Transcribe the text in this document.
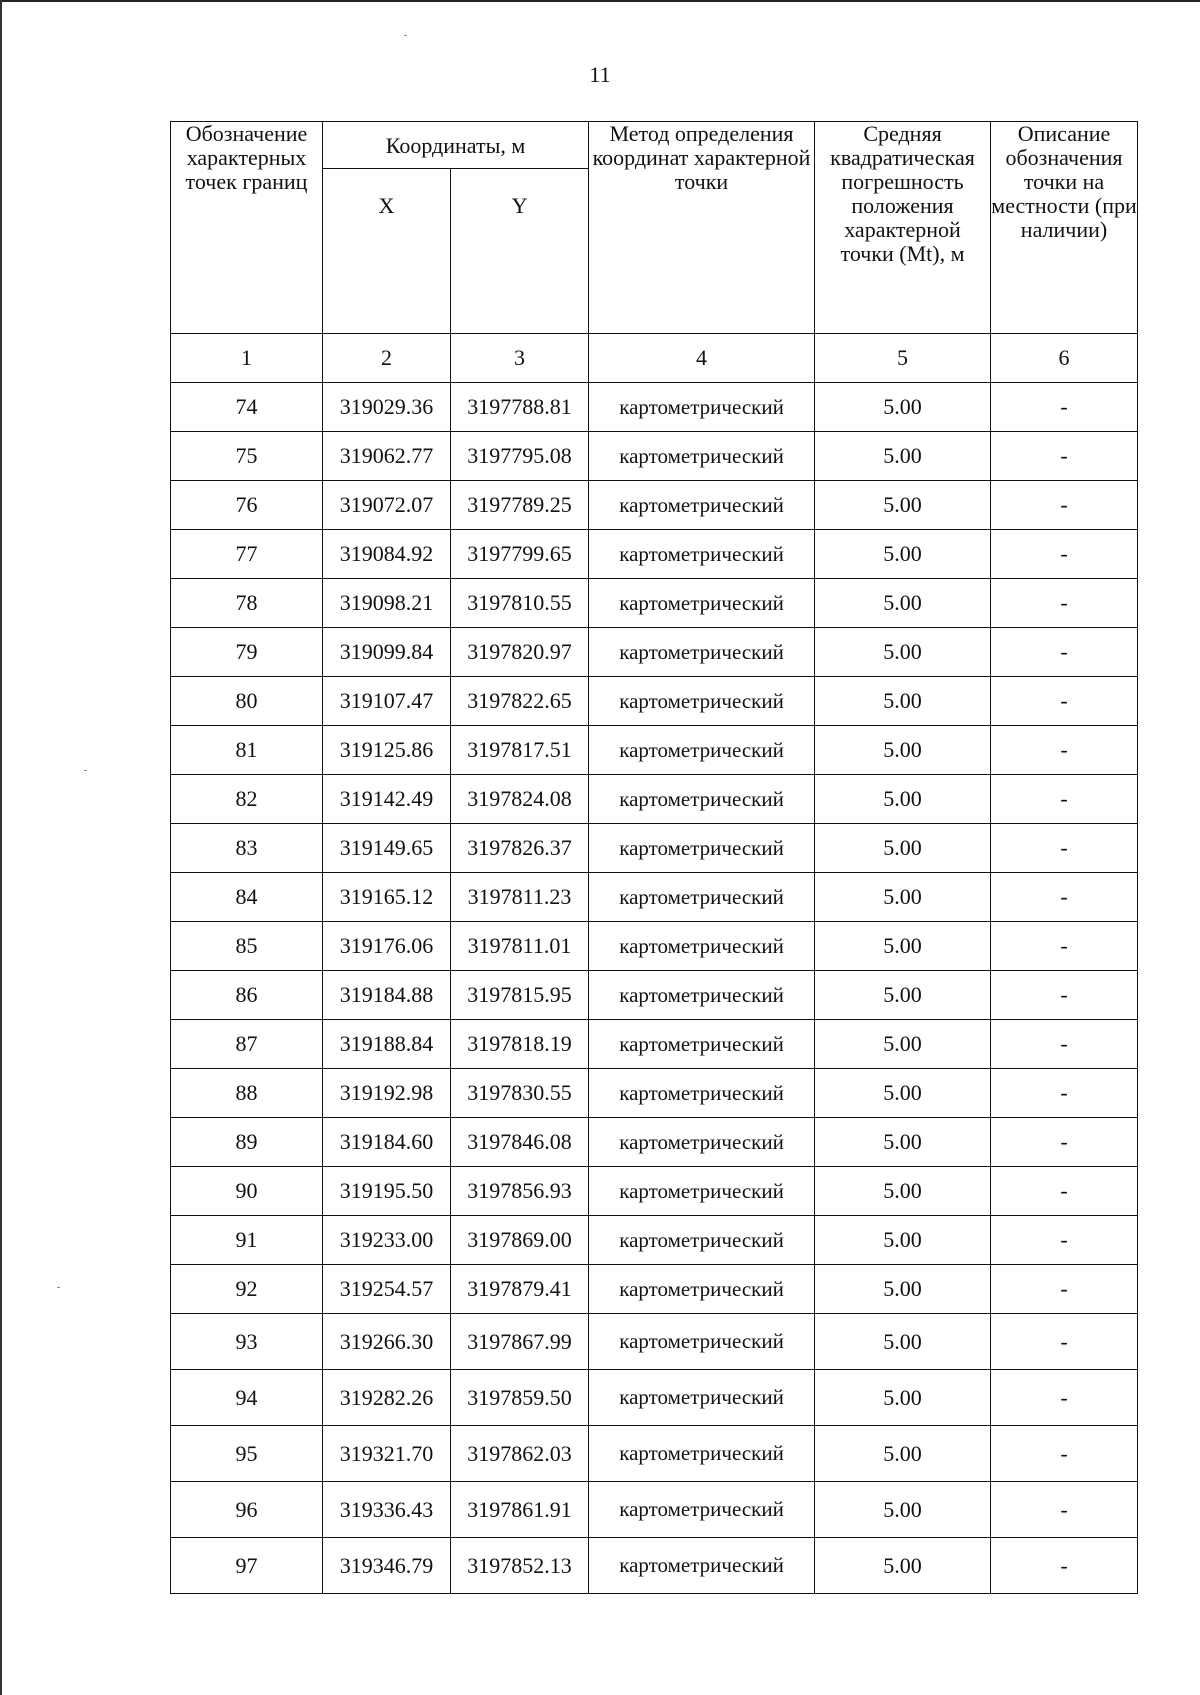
11
Обозначение характерных точек границ	Координаты, м		Метод определения координат характерной точки	Средняя квадратическая погрешность положения характерной точки (Mt), м	Описание обозначения точки на местности (при наличии)
	X	Y			
1	2	3	4	5	6
74	319029.36	3197788.81	картометрический	5.00	-
75	319062.77	3197795.08	картометрический	5.00	-
76	319072.07	3197789.25	картометрический	5.00	-
77	319084.92	3197799.65	картометрический	5.00	-
78	319098.21	3197810.55	картометрический	5.00	-
79	319099.84	3197820.97	картометрический	5.00	-
80	319107.47	3197822.65	картометрический	5.00	-
81	319125.86	3197817.51	картометрический	5.00	-
82	319142.49	3197824.08	картометрический	5.00	-
83	319149.65	3197826.37	картометрический	5.00	-
84	319165.12	3197811.23	картометрический	5.00	-
85	319176.06	3197811.01	картометрический	5.00	-
86	319184.88	3197815.95	картометрический	5.00	-
87	319188.84	3197818.19	картометрический	5.00	-
88	319192.98	3197830.55	картометрический	5.00	-
89	319184.60	3197846.08	картометрический	5.00	-
90	319195.50	3197856.93	картометрический	5.00	-
91	319233.00	3197869.00	картометрический	5.00	-
92	319254.57	3197879.41	картометрический	5.00	-
93	319266.30	3197867.99	картометрический	5.00	-
94	319282.26	3197859.50	картометрический	5.00	-
95	319321.70	3197862.03	картометрический	5.00	-
96	319336.43	3197861.91	картометрический	5.00	-
97	319346.79	3197852.13	картометрический	5.00	-
